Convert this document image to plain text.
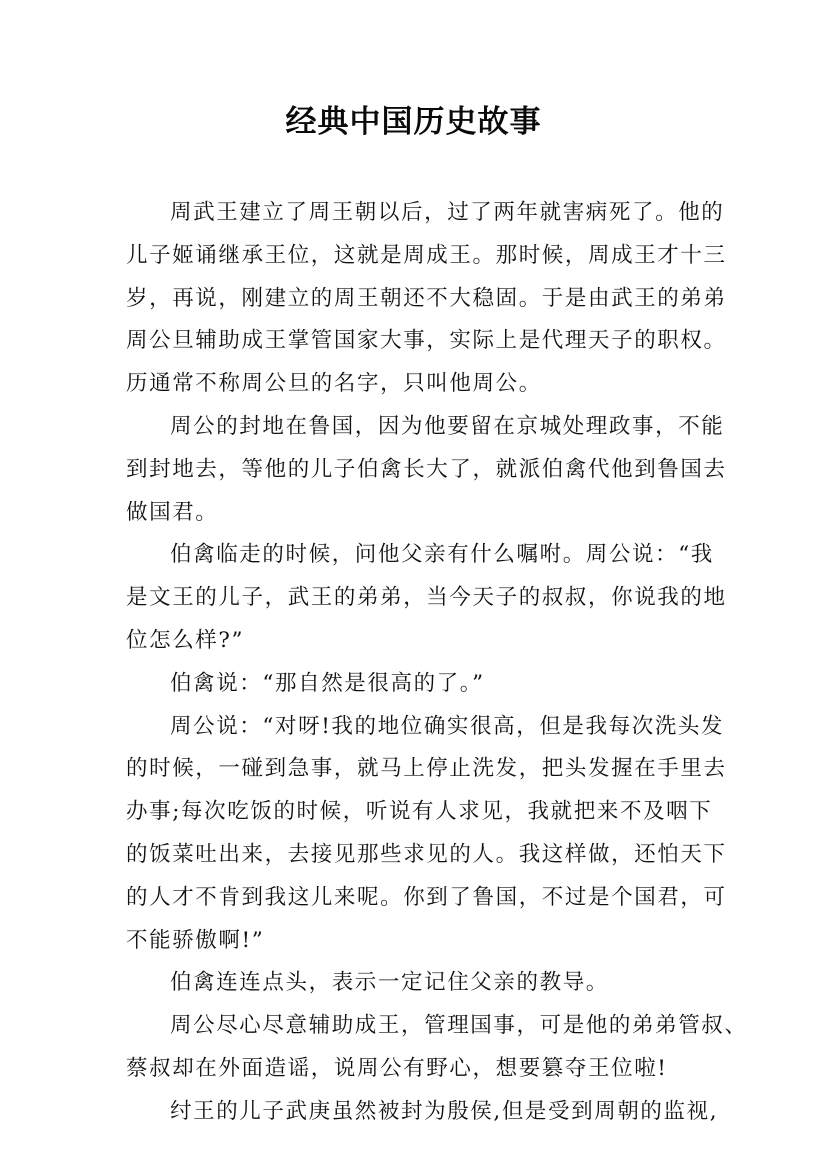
经典中国历史故事
周武王建立了周王朝以后，过了两年就害病死了。他的
儿子姬诵继承王位，这就是周成王。那时候，周成王才十三
岁，再说，刚建立的周王朝还不大稳固。于是由武王的弟弟
周公旦辅助成王掌管国家大事，实际上是代理天子的职权。
历通常不称周公旦的名字，只叫他周公。
周公的封地在鲁国，因为他要留在京城处理政事，不能
到封地去，等他的儿子伯禽长大了，就派伯禽代他到鲁国去
做国君。
伯禽临走的时候，问他父亲有什么嘱咐。周公说：“我
是文王的儿子，武王的弟弟，当今天子的叔叔，你说我的地
位怎么样?”
伯禽说：“那自然是很高的了。”
周公说：“对呀!我的地位确实很高，但是我每次洗头发
的时候，一碰到急事，就马上停止洗发，把头发握在手里去
办事;每次吃饭的时候，听说有人求见，我就把来不及咽下
的饭菜吐出来，去接见那些求见的人。我这样做，还怕天下
的人才不肯到我这儿来呢。你到了鲁国，不过是个国君，可
不能骄傲啊!”
伯禽连连点头，表示一定记住父亲的教导。
周公尽心尽意辅助成王，管理国事，可是他的弟弟管叔、
蔡叔却在外面造谣，说周公有野心，想要篡夺王位啦!
纣王的儿子武庚虽然被封为殷侯,但是受到周朝的监视,
